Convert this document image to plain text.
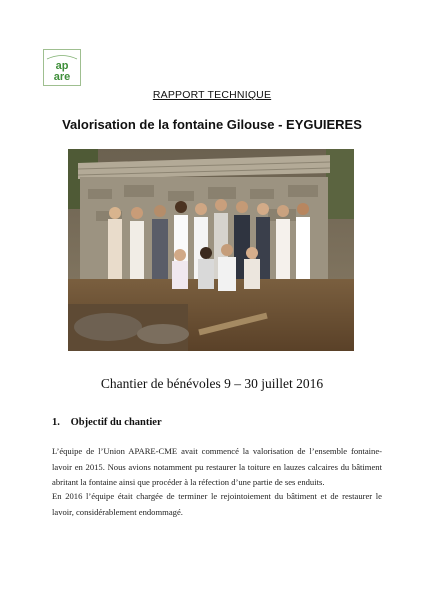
ap
are
RAPPORT TECHNIQUE
Valorisation de la fontaine Gilouse - EYGUIERES
Chantier de bénévoles 9 – 30 juillet 2016
1. Objectif du chantier
L’équipe de l’Union APARE-CME avait commencé la valorisation de l’ensemble fontaine-lavoir en 2015. Nous avions notamment pu restaurer la toiture en lauzes calcaires du bâtiment abritant la fontaine ainsi que procéder à la réfection d’une partie de ses enduits.
En 2016 l’équipe était chargée de terminer le rejointoiement du bâtiment et de restaurer le lavoir, considérablement endommagé.
